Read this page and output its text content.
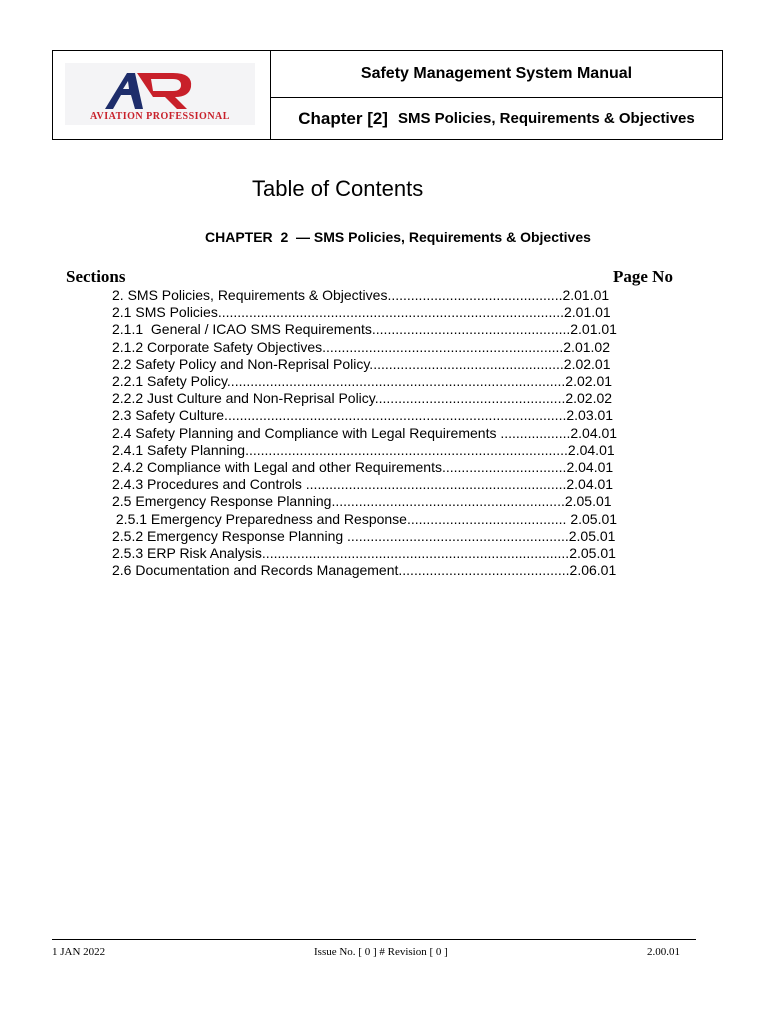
AVIATION PROFESSIONAL
Safety Management System Manual
Chapter [2] SMS Policies, Requirements & Objectives
Table of Contents
CHAPTER  2  — SMS Policies, Requirements & Objectives
Sections	Page No
2. SMS Policies, Requirements & Objectives.............................................2.01.01
2.1 SMS Policies.........................................................................................2.01.01
2.1.1  General / ICAO SMS Requirements...................................................2.01.01
2.1.2 Corporate Safety Objectives..............................................................2.01.02
2.2 Safety Policy and Non-Reprisal Policy..................................................2.02.01
2.2.1 Safety Policy.......................................................................................2.02.01
2.2.2 Just Culture and Non-Reprisal Policy.................................................2.02.02
2.3 Safety Culture........................................................................................2.03.01
2.4 Safety Planning and Compliance with Legal Requirements ..................2.04.01
2.4.1 Safety Planning...................................................................................2.04.01
2.4.2 Compliance with Legal and other Requirements................................2.04.01
2.4.3 Procedures and Controls ...................................................................2.04.01
2.5 Emergency Response Planning............................................................2.05.01
2.5.1 Emergency Preparedness and Response......................................... 2.05.01
2.5.2 Emergency Response Planning .........................................................2.05.01
2.5.3 ERP Risk Analysis...............................................................................2.05.01
2.6 Documentation and Records Management............................................2.06.01
1 JAN 2022	Issue No. [ 0 ] # Revision [ 0 ]	2.00.01
